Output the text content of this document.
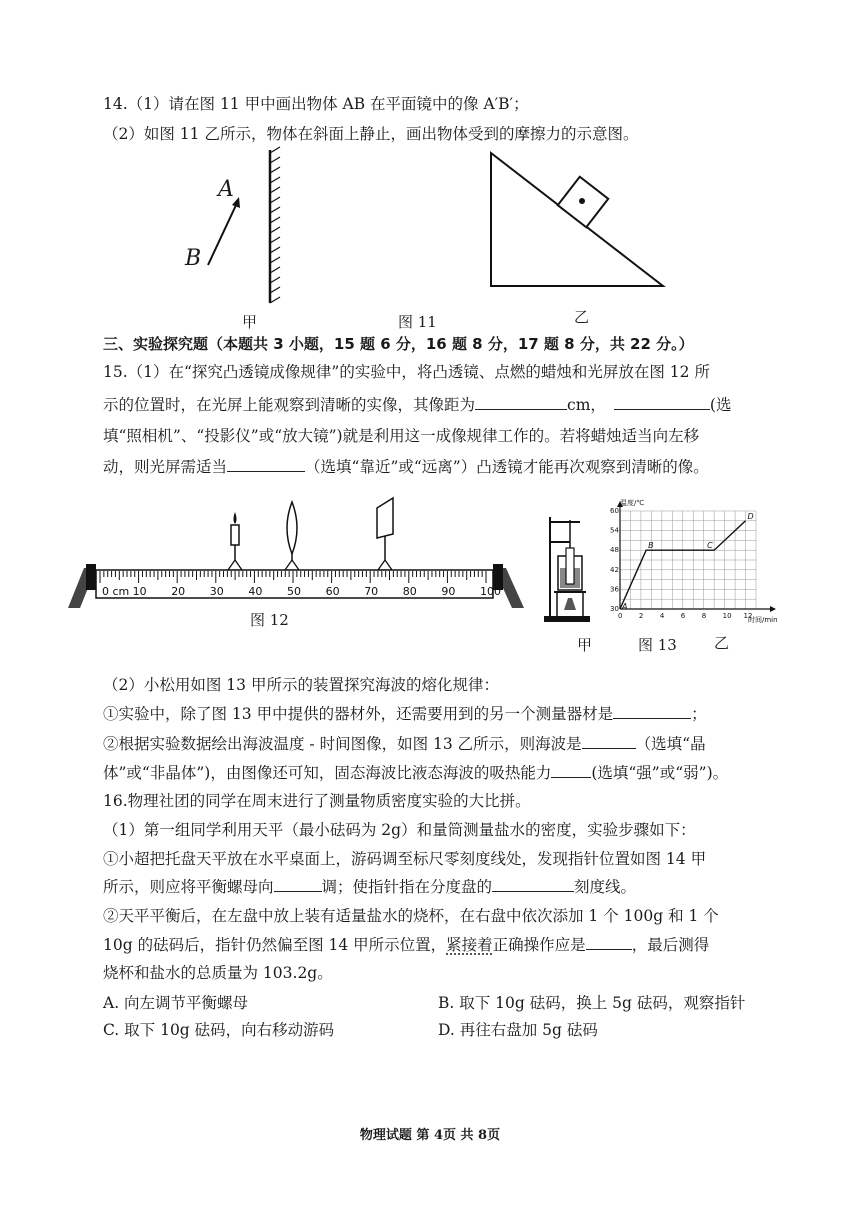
14.（1）请在图 11 甲中画出物体 AB 在平面镜中的像 A′B′；
（2）如图 11 乙所示，物体在斜面上静止，画出物体受到的摩擦力的示意图。
A
B
甲	图 11	乙
三、实验探究题（本题共 3 小题，15 题 6 分，16 题 8 分，17 题 8 分，共 22 分。）
15.（1）在“探究凸透镜成像规律”的实验中，将凸透镜、点燃的蜡烛和光屏放在图 12 所
示的位置时，在光屏上能观察到清晰的实像，其像距为	cm，	(选
填“照相机”、“投影仪”或“放大镜”)就是利用这一成像规律工作的。若将蜡烛适当向左移
动，则光屏需适当	（选填“靠近”或“远离”）凸透镜才能再次观察到清晰的像。
0 cm 10 20 30 40 50 60 70 80 90 100
图 12	0 2 4 6 8 10 12
30
36
42
48
54
60
A
B	C
D
温度/℃
时间/min
甲	图 13 乙
（2）小松用如图 13 甲所示的装置探究海波的熔化规律：
①实验中，除了图 13 甲中提供的器材外，还需要用到的另一个测量器材是	；
②根据实验数据绘出海波温度 - 时间图像，如图 13 乙所示，则海波是	（选填“晶
体”或“非晶体”)，由图像还可知，固态海波比液态海波的吸热能力	(选填“强”或“弱”)。
16.物理社团的同学在周末进行了测量物质密度实验的大比拼。
（1）第一组同学利用天平（最小砝码为 2g）和量筒测量盐水的密度，实验步骤如下：
①小超把托盘天平放在水平桌面上，游码调至标尺零刻度线处，发现指针位置如图 14 甲
所示，则应将平衡螺母向	调；使指针指在分度盘的	刻度线。
②天平平衡后，在左盘中放上装有适量盐水的烧杯，在右盘中依次添加 1 个 100g 和 1 个
10g 的砝码后，指针仍然偏至图 14 甲所示位置，紧接着正确操作应是	，最后测得
烧杯和盐水的总质量为 103.2g。
A. 向左调节平衡螺母	B. 取下 10g 砝码，换上 5g 砝码，观察指针
C. 取下 10g 砝码，向右移动游码	D. 再往右盘加 5g 砝码
物理试题 第 4页 共 8页
